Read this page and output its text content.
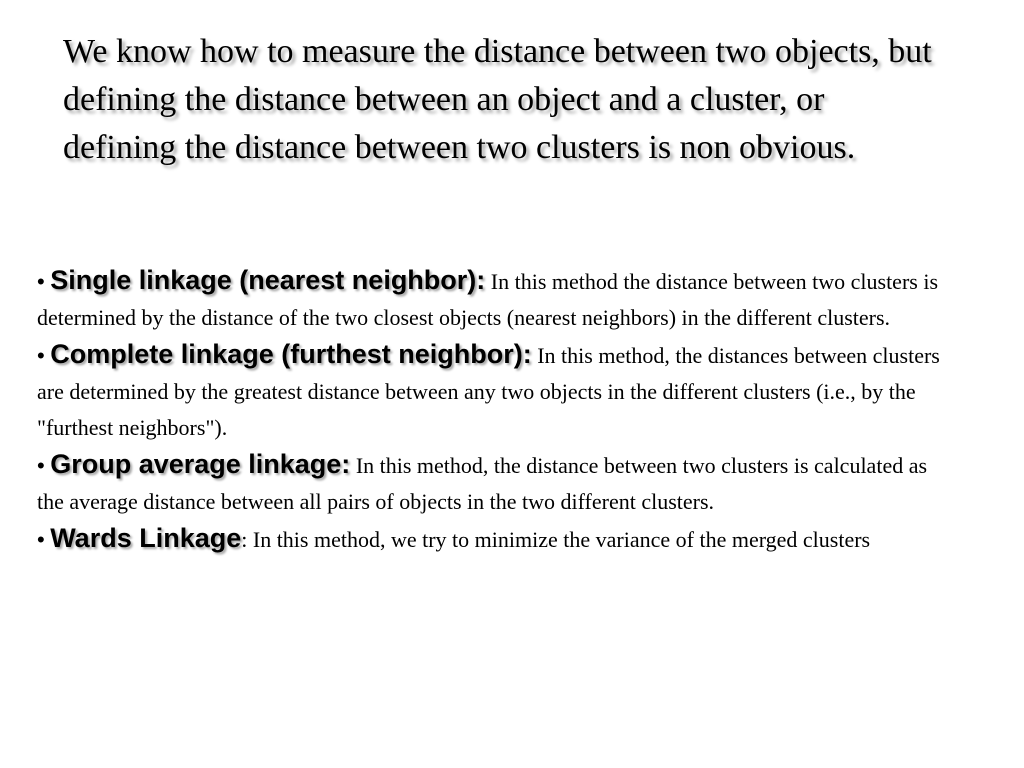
We know how to measure the distance between two objects, but defining the distance between an object and a cluster, or defining the distance between two clusters is non obvious.

• Single linkage (nearest neighbor): In this method the distance between two clusters is determined by the distance of the two closest objects (nearest neighbors) in the different clusters.
• Complete linkage (furthest neighbor): In this method, the distances between clusters are determined by the greatest distance between any two objects in the different clusters (i.e., by the "furthest neighbors").
• Group average linkage: In this method, the distance between two clusters is calculated as the average distance between all pairs of objects in the two different clusters.
• Wards Linkage: In this method, we try to minimize the variance of the merged clusters
